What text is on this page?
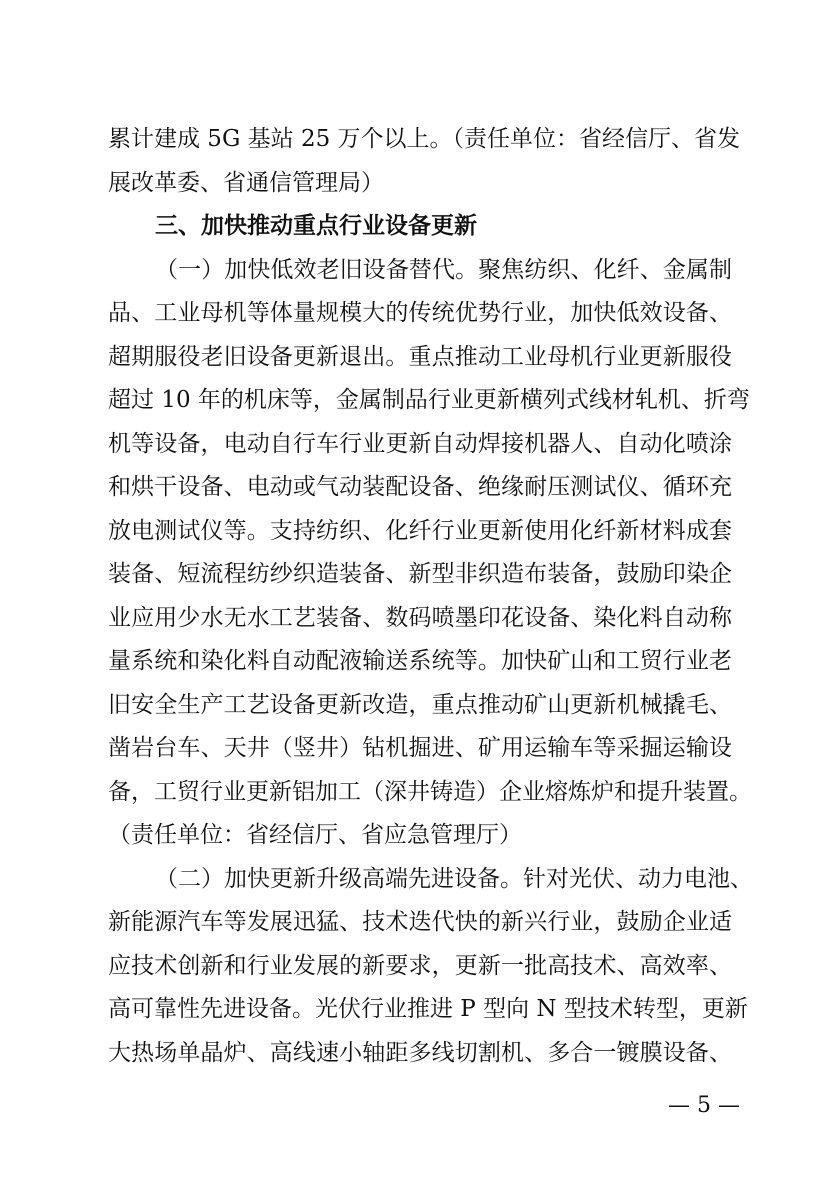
累计建成 5G 基站 25 万个以上。（责任单位：省经信厅、省发
展改革委、省通信管理局）
三、加快推动重点行业设备更新
（一）加快低效老旧设备替代。聚焦纺织、化纤、金属制
品、工业母机等体量规模大的传统优势行业，加快低效设备、
超期服役老旧设备更新退出。重点推动工业母机行业更新服役
超过 10 年的机床等，金属制品行业更新横列式线材轧机、折弯
机等设备，电动自行车行业更新自动焊接机器人、自动化喷涂
和烘干设备、电动或气动装配设备、绝缘耐压测试仪、循环充
放电测试仪等。支持纺织、化纤行业更新使用化纤新材料成套
装备、短流程纺纱织造装备、新型非织造布装备，鼓励印染企
业应用少水无水工艺装备、数码喷墨印花设备、染化料自动称
量系统和染化料自动配液输送系统等。加快矿山和工贸行业老
旧安全生产工艺设备更新改造，重点推动矿山更新机械撬毛、
凿岩台车、天井（竖井）钻机掘进、矿用运输车等采掘运输设
备，工贸行业更新铝加工（深井铸造）企业熔炼炉和提升装置。
（责任单位：省经信厅、省应急管理厅）
（二）加快更新升级高端先进设备。针对光伏、动力电池、
新能源汽车等发展迅猛、技术迭代快的新兴行业，鼓励企业适
应技术创新和行业发展的新要求，更新一批高技术、高效率、
高可靠性先进设备。光伏行业推进 P 型向 N 型技术转型，更新
大热场单晶炉、高线速小轴距多线切割机、多合一镀膜设备、
— 5 —
